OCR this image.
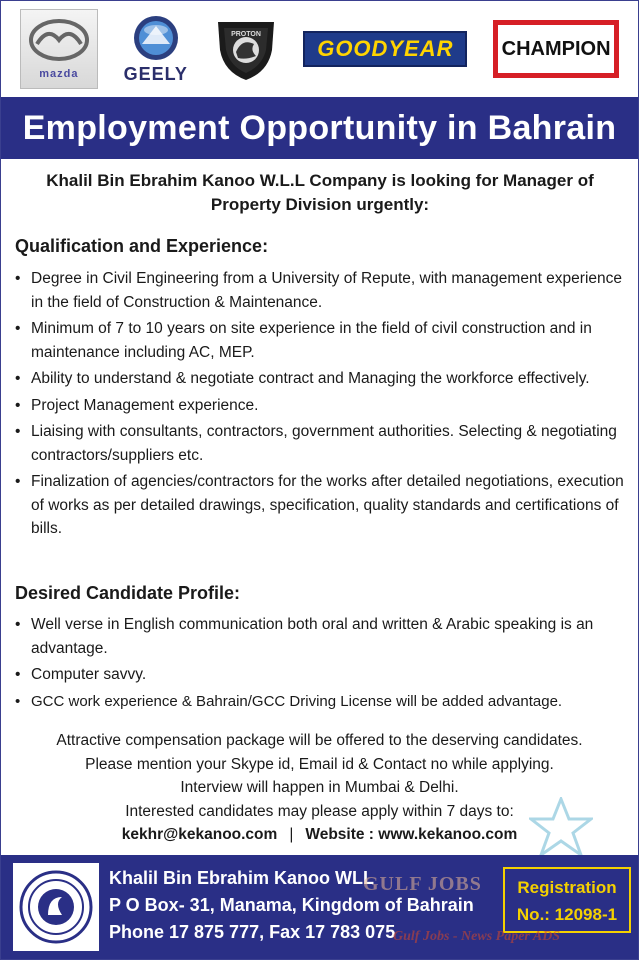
mazda	GEELY
PROTON
GOODYEAR	CHAMPION
Employment Opportunity in Bahrain

Khalil Bin Ebrahim Kanoo W.L.L Company is looking for Manager of Property Division urgently:

Qualification and Experience:
• Degree in Civil Engineering from a University of Repute, with management experience in the field of Construction & Maintenance.
• Minimum of 7 to 10 years on site experience in the field of civil construction and in maintenance including AC, MEP.
• Ability to understand & negotiate contract and Managing the workforce effectively.
• Project Management experience.
• Liaising with consultants, contractors, government authorities. Selecting & negotiating contractors/suppliers etc.
• Finalization of agencies/contractors for the works after detailed negotiations, execution of works as per detailed drawings, specification, quality standards and certifications of bills.
Desired Candidate Profile:
• Well verse in English communication both oral and written & Arabic speaking is an advantage.
• Computer savvy.
• GCC work experience & Bahrain/GCC Driving License will be added advantage.
Attractive compensation package will be offered to the deserving candidates.
Please mention your Skype id, Email id & Contact no while applying.
Interview will happen in Mumbai & Delhi.
Interested candidates may please apply within 7 days to:
kekhr@kekanoo.com | Website : www.kekanoo.com
Khalil Bin Ebrahim Kanoo WLL
P O Box- 31, Manama, Kingdom of Bahrain
Phone 17 875 777, Fax 17 783 075
Registration
No.: 12098-1
GULF JOBS
Gulf Jobs - News Paper ADS
